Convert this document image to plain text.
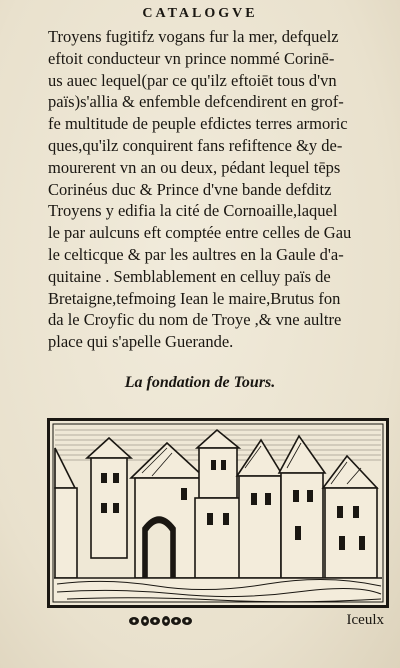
CATALOGVE
Troyens fugitifz vogans fur la mer, defquelz
eftoit conducteur vn prince nommé Corinē-
us auec lequel(par ce qu'ilz eftoiēt tous d'vn
païs)s'allia & enfemble defcendirent en grof-
fe multitude de peuple efdictes terres armoric
ques,qu'ilz conquirent fans refiftence &y de-
mourerent vn an ou deux, pédant lequel tēps
Corinéus duc & Prince d'vne bande defditz
Troyens y edifia la cité de Cornoaille,laquel
le par aulcuns eft comptée entre celles de Gau
le celticque & par les aultres en la Gaule d'a-
quitaine . Semblablement en celluy païs de
Bretaigne,tefmoing Iean le maire,Brutus fon
da le Croyfic du nom de Troye ,& vne aultre
place qui s'apelle Guerande.
La fondation de Tours.
Iceulx
